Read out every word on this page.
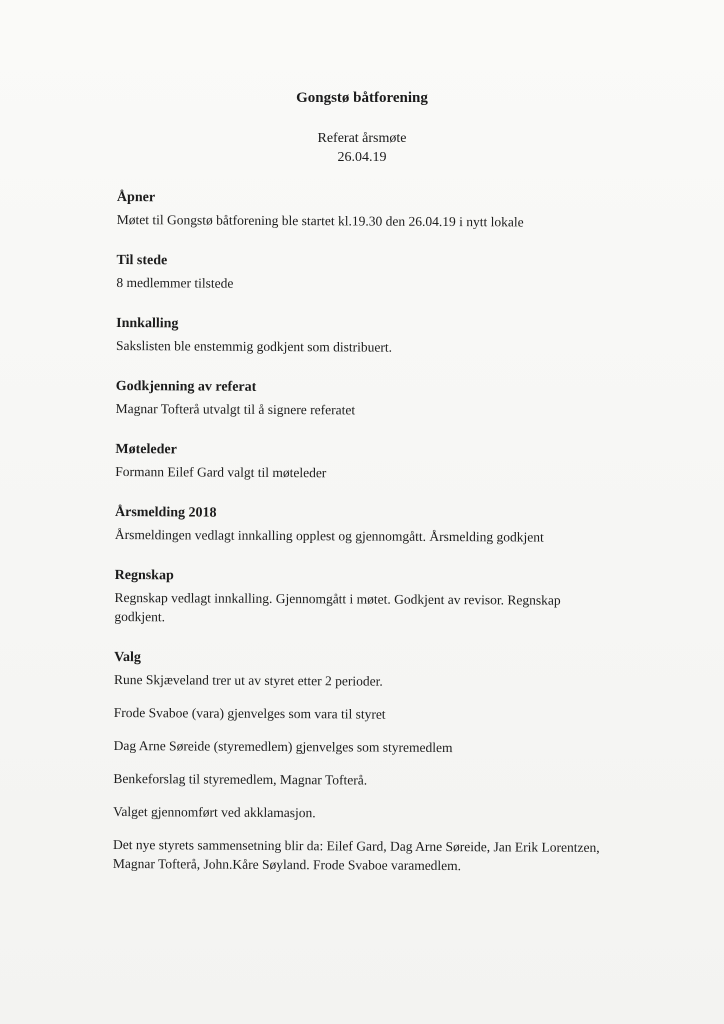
Gongstø båtforening
Referat årsmøte
26.04.19
Åpner

Møtet til Gongstø båtforening ble startet kl.19.30 den 26.04.19 i nytt lokale

Til stede

8 medlemmer tilstede

Innkalling

Sakslisten ble enstemmig godkjent som distribuert.

Godkjenning av referat

Magnar Tofterå utvalgt til å signere referatet

Møteleder

Formann Eilef Gard valgt til møteleder

Årsmelding 2018

Årsmeldingen vedlagt innkalling opplest og gjennomgått. Årsmelding godkjent

Regnskap

Regnskap vedlagt innkalling. Gjennomgått i møtet. Godkjent av revisor. Regnskap godkjent.

Valg

Rune Skjæveland trer ut av styret etter 2 perioder.

Frode Svaboe (vara) gjenvelges som vara til styret

Dag Arne Søreide (styremedlem) gjenvelges som styremedlem

Benkeforslag til styremedlem, Magnar Tofterå.

Valget gjennomført ved akklamasjon.

Det nye styrets sammensetning blir da: Eilef Gard, Dag Arne Søreide, Jan Erik Lorentzen, Magnar Tofterå, John.Kåre Søyland. Frode Svaboe varamedlem.
